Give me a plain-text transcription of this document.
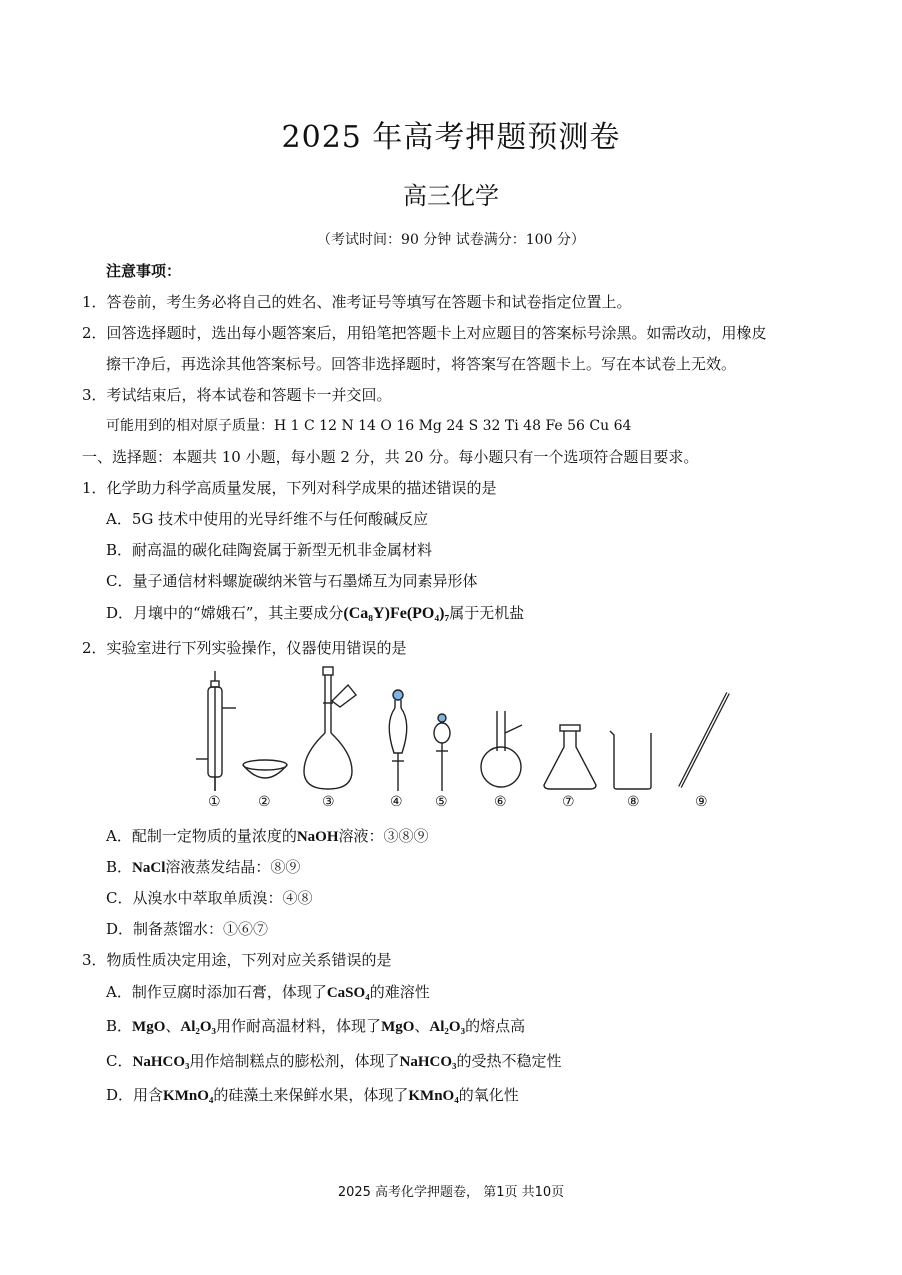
2025 年高考押题预测卷
高三化学
（考试时间：90 分钟 试卷满分：100 分）
注意事项：
1．答卷前，考生务必将自己的姓名、准考证号等填写在答题卡和试卷指定位置上。
2．回答选择题时，选出每小题答案后，用铅笔把答题卡上对应题目的答案标号涂黑。如需改动，用橡皮
擦干净后，再选涂其他答案标号。回答非选择题时，将答案写在答题卡上。写在本试卷上无效。
3．考试结束后，将本试卷和答题卡一并交回。
可能用到的相对原子质量：H 1 C 12 N 14 O 16 Mg 24 S 32 Ti 48 Fe 56 Cu 64
一、选择题：本题共 10 小题，每小题 2 分，共 20 分。每小题只有一个选项符合题目要求。
1．化学助力科学高质量发展，下列对科学成果的描述错误的是
A．5G 技术中使用的光导纤维不与任何酸碱反应
B．耐高温的碳化硅陶瓷属于新型无机非金属材料
C．量子通信材料螺旋碳纳米管与石墨烯互为同素异形体
D．月壤中的“嫦娥石”，其主要成分(Ca₈Y)Fe(PO₄)₇属于无机盐
2．实验室进行下列实验操作，仪器使用错误的是
①	②	③	④ ⑤	⑥	⑦	⑧	⑨
A．配制一定物质的量浓度的NaOH溶液：③⑧⑨
B．NaCl溶液蒸发结晶：⑧⑨
C．从溴水中萃取单质溴：④⑧
D．制备蒸馏水：①⑥⑦
3．物质性质决定用途，下列对应关系错误的是
A．制作豆腐时添加石膏，体现了CaSO₄的难溶性
B．MgO、Al₂O₃用作耐高温材料，体现了MgO、Al₂O₃的熔点高
C．NaHCO₃用作焙制糕点的膨松剂，体现了NaHCO₃的受热不稳定性
D．用含KMnO₄的硅藻土来保鲜水果，体现了KMnO₄的氧化性
2025 高考化学押题卷， 第1页 共10页
